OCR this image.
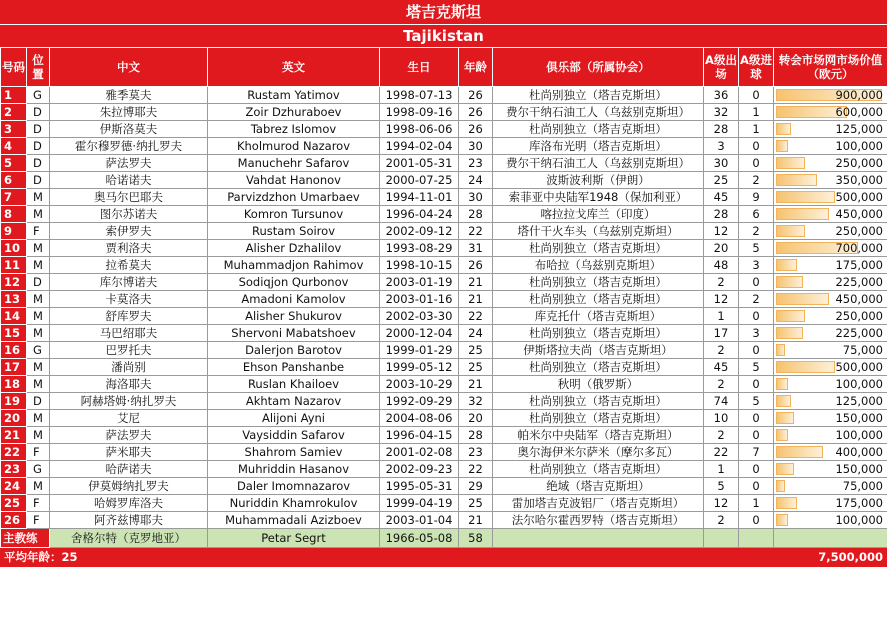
塔吉克斯坦
Tajikistan
号码	位置	中文	英文	生日	年龄	俱乐部（所属协会）	A级出场	A级进球	转会市场网市场价值（欧元）
1	G	雅季莫夫	Rustam Yatimov	1998-07-13	26	杜尚别独立（塔吉克斯坦）	36	0	900,000
2	D	朱拉博耶夫	Zoir Dzhuraboev	1998-09-16	26	费尔干纳石油工人（乌兹别克斯坦）	32	1	600,000
3	D	伊斯洛莫夫	Tabrez Islomov	1998-06-06	26	杜尚别独立（塔吉克斯坦）	28	1	125,000
4	D	霍尔穆罗德·纳扎罗夫	Kholmurod Nazarov	1994-02-04	30	库洛布光明（塔吉克斯坦）	3	0	100,000
5	D	萨法罗夫	Manuchehr Safarov	2001-05-31	23	费尔干纳石油工人（乌兹别克斯坦）	30	0	250,000
6	D	哈诺诺夫	Vahdat Hanonov	2000-07-25	24	波斯波利斯（伊朗）	25	2	350,000
7	M	奥马尔巴耶夫	Parvizdzhon Umarbaev	1994-11-01	30	索菲亚中央陆军1948（保加利亚）	45	9	500,000
8	M	图尔苏诺夫	Komron Tursunov	1996-04-24	28	喀拉拉戈库兰（印度）	28	6	450,000
9	F	索伊罗夫	Rustam Soirov	2002-09-12	22	塔什干火车头（乌兹别克斯坦）	12	2	250,000
10	M	贾利洛夫	Alisher Dzhalilov	1993-08-29	31	杜尚别独立（塔吉克斯坦）	20	5	700,000
11	M	拉希莫夫	Muhammadjon Rahimov	1998-10-15	26	布哈拉（乌兹别克斯坦）	48	3	175,000
12	D	库尔博诺夫	Sodiqjon Qurbonov	2003-01-19	21	杜尚别独立（塔吉克斯坦）	2	0	225,000
13	M	卡莫洛夫	Amadoni Kamolov	2003-01-16	21	杜尚别独立（塔吉克斯坦）	12	2	450,000
14	M	舒库罗夫	Alisher Shukurov	2002-03-30	22	库克托什（塔吉克斯坦）	1	0	250,000
15	M	马巴绍耶夫	Shervoni Mabatshoev	2000-12-04	24	杜尚别独立（塔吉克斯坦）	17	3	225,000
16	G	巴罗托夫	Dalerjon Barotov	1999-01-29	25	伊斯塔拉夫尚（塔吉克斯坦）	2	0	75,000
17	M	潘尚别	Ehson Panshanbe	1999-05-12	25	杜尚别独立（塔吉克斯坦）	45	5	500,000
18	M	海洛耶夫	Ruslan Khailoev	2003-10-29	21	秋明（俄罗斯）	2	0	100,000
19	D	阿赫塔姆·纳扎罗夫	Akhtam Nazarov	1992-09-29	32	杜尚别独立（塔吉克斯坦）	74	5	125,000
20	M	艾尼	Alijoni Ayni	2004-08-06	20	杜尚别独立（塔吉克斯坦）	10	0	150,000
21	M	萨法罗夫	Vaysiddin Safarov	1996-04-15	28	帕米尔中央陆军（塔吉克斯坦）	2	0	100,000
22	F	萨米耶夫	Shahrom Samiev	2001-02-08	23	奥尔海伊米尔萨米（摩尔多瓦）	22	7	400,000
23	G	哈萨诺夫	Muhriddin Hasanov	2002-09-23	22	杜尚别独立（塔吉克斯坦）	1	0	150,000
24	M	伊莫姆纳扎罗夫	Daler Imomnazarov	1995-05-31	29	绝域（塔吉克斯坦）	5	0	75,000
25	F	哈姆罗库洛夫	Nuriddin Khamrokulov	1999-04-19	25	雷加塔吉克波铝厂（塔吉克斯坦）	12	1	175,000
26	F	阿齐兹博耶夫	Muhammadali Azizboev	2003-01-04	21	法尔哈尔霍西罗特（塔吉克斯坦）	2	0	100,000
主教练		舍格尔特（克罗地亚）	Petar Segrt	1966-05-08	58				
平均年龄：25									7,500,000
